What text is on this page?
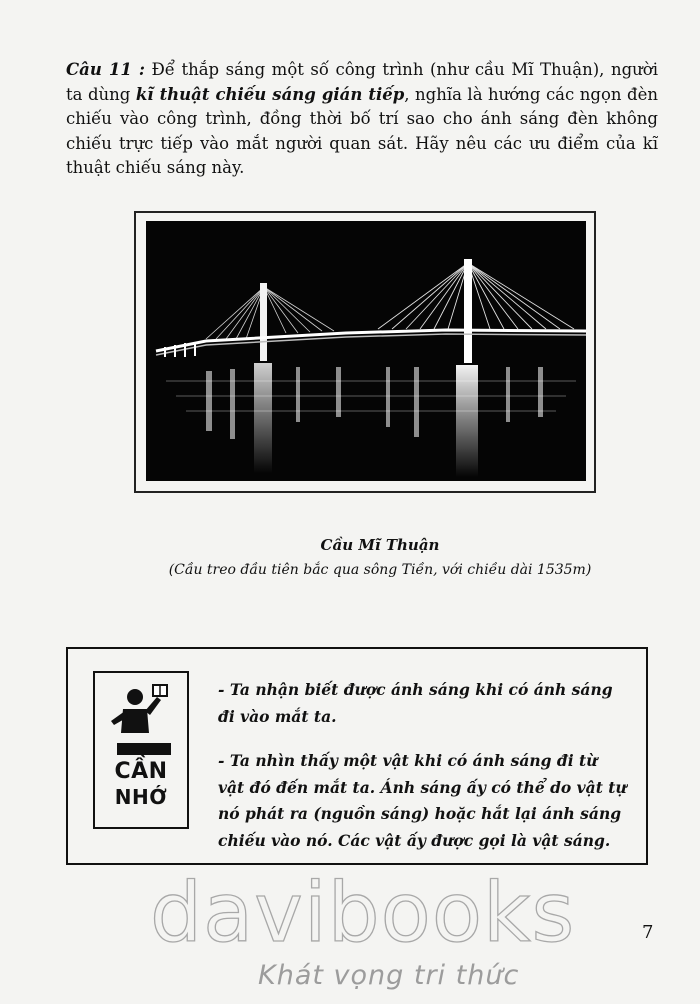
Câu 11 : Để thắp sáng một số công trình (như cầu Mĩ Thuận), người ta dùng kĩ thuật chiếu sáng gián tiếp, nghĩa là hướng các ngọn đèn chiếu vào công trình, đồng thời bố trí sao cho ánh sáng đèn không chiếu trực tiếp vào mắt người quan sát. Hãy nêu các ưu điểm của kĩ thuật chiếu sáng này.
Cầu Mĩ Thuận
(Cầu treo đầu tiên bắc qua sông Tiền, với chiều dài 1535m)
CẦN
NHỚ

- Ta nhận biết được ánh sáng khi có ánh sáng đi vào mắt ta.

- Ta nhìn thấy một vật khi có ánh sáng đi từ vật đó đến mắt ta. Ánh sáng ấy có thể do vật tự nó phát ra (nguồn sáng) hoặc hắt lại ánh sáng chiếu vào nó. Các vật ấy được gọi là vật sáng.

7
davibooks
Khát vọng tri thức
